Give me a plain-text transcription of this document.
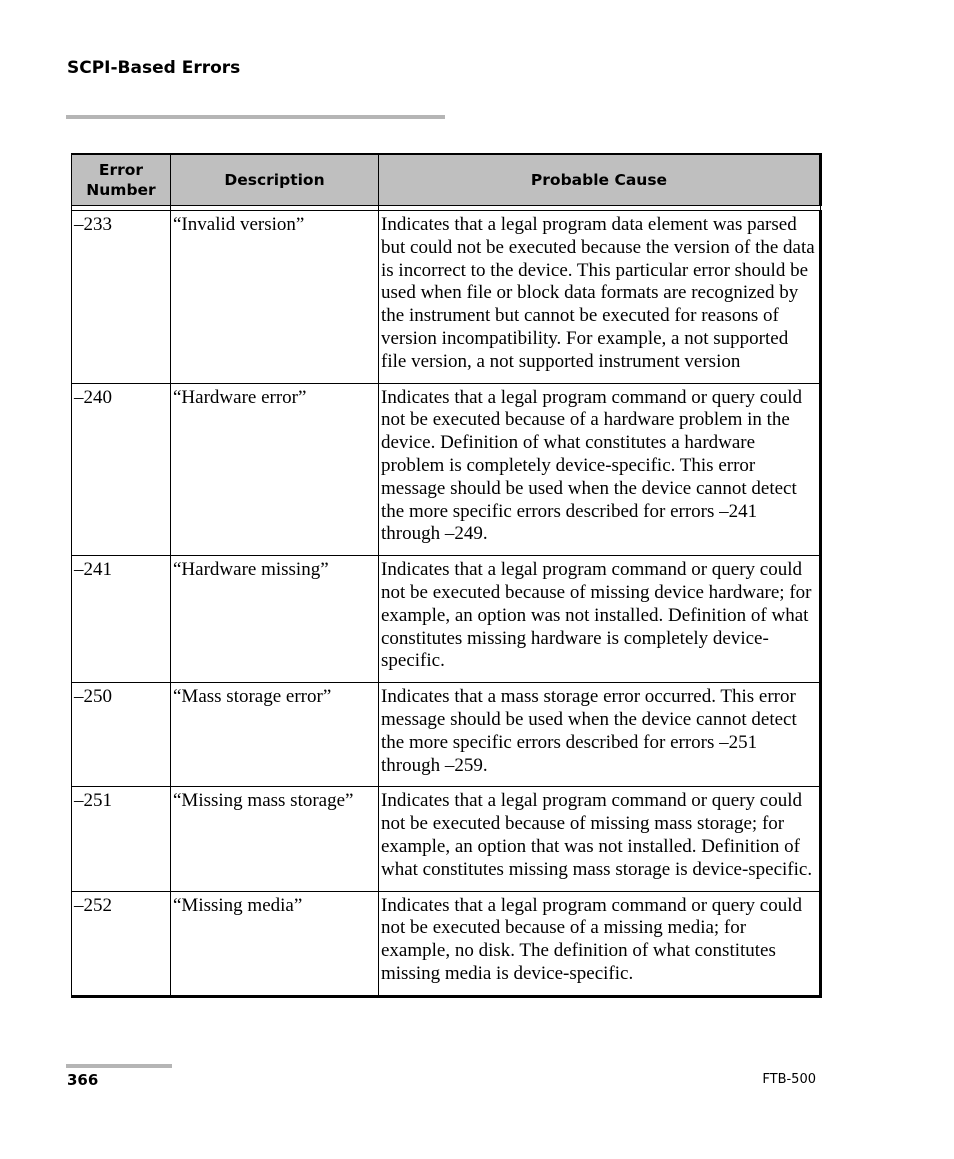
SCPI-Based Errors
Error Number	Description	Probable Cause

–233	“Invalid version”	Indicates that a legal program data element was parsed but could not be executed because the version of the data is incorrect to the device. This particular error should be used when file or block data formats are recognized by the instrument but cannot be executed for reasons of version incompatibility. For example, a not supported file version, a not supported instrument version
–240	“Hardware error”	Indicates that a legal program command or query could not be executed because of a hardware problem in the device. Definition of what constitutes a hardware problem is completely device-specific. This error message should be used when the device cannot detect the more specific errors described for errors –241 through –249.
–241	“Hardware missing”	Indicates that a legal program command or query could not be executed because of missing device hardware; for example, an option was not installed. Definition of what constitutes missing hardware is completely device-specific.
–250	“Mass storage error”	Indicates that a mass storage error occurred. This error message should be used when the device cannot detect the more specific errors described for errors –251 through –259.
–251	“Missing mass storage”	Indicates that a legal program command or query could not be executed because of missing mass storage; for example, an option that was not installed. Definition of what constitutes missing mass storage is device-specific.
–252	“Missing media”	Indicates that a legal program command or query could not be executed because of a missing media; for example, no disk. The definition of what constitutes missing media is device-specific.
366	FTB-500
